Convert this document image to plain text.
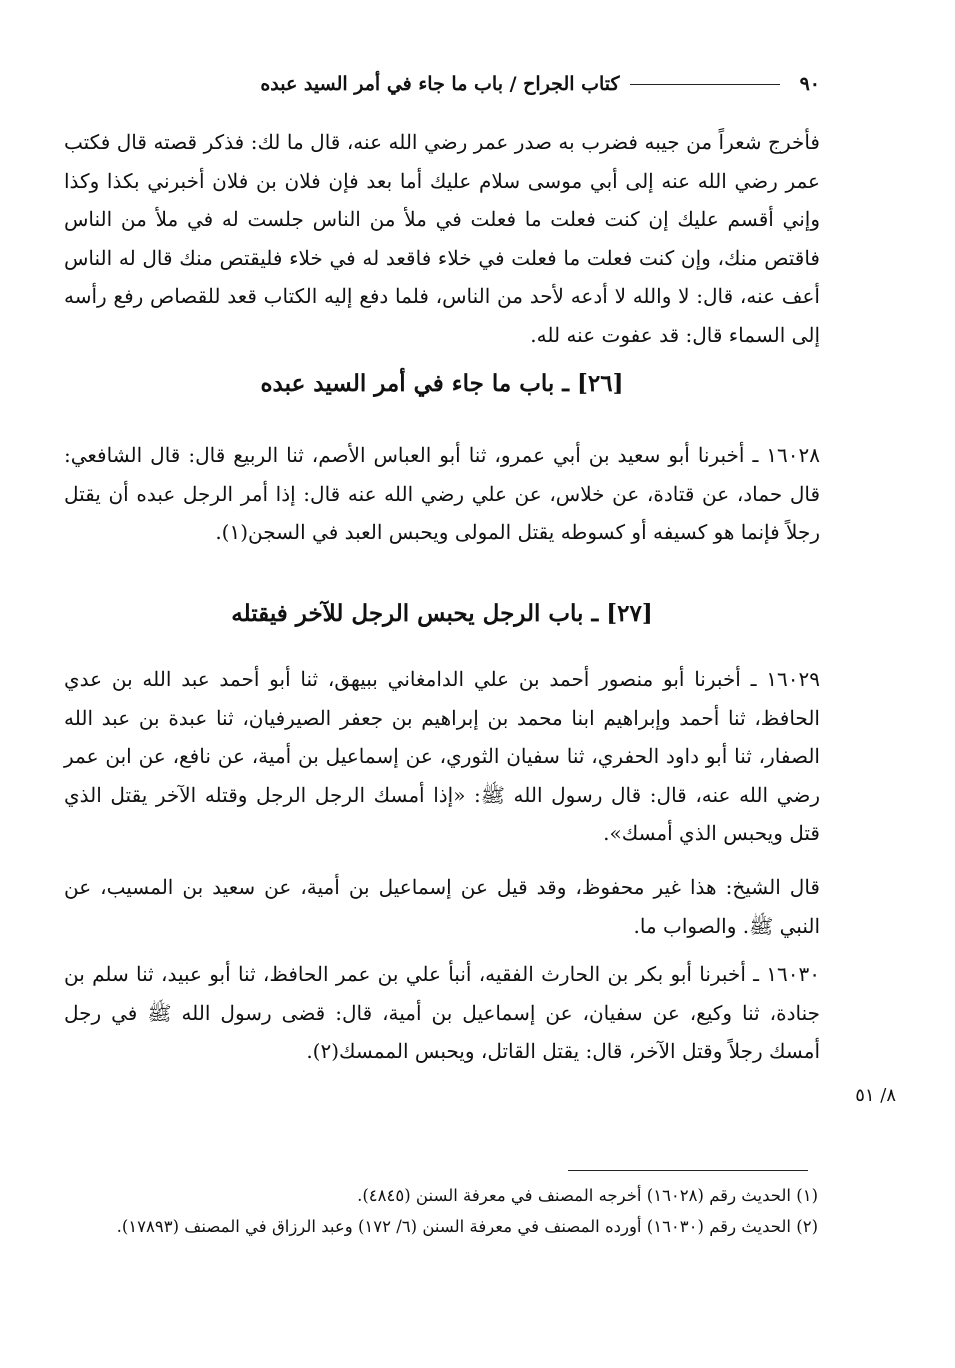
٩٠
كتاب الجراح / باب ما جاء في أمر السيد عبده
فأخرج شعراً من جيبه فضرب به صدر عمر رضي الله عنه، قال ما لك: فذكر قصته قال فكتب عمر رضي الله عنه إلى أبي موسى سلام عليك أما بعد فإن فلان بن فلان أخبرني بكذا وكذا وإني أقسم عليك إن كنت فعلت ما فعلت في ملأ من الناس جلست له في ملأ من الناس فاقتص منك، وإن كنت فعلت ما فعلت في خلاء فاقعد له في خلاء فليقتص منك قال له الناس أعف عنه، قال: لا والله لا أدعه لأحد من الناس، فلما دفع إليه الكتاب قعد للقصاص رفع رأسه إلى السماء قال: قد عفوت عنه لله.
[٢٦] ـ باب ما جاء في أمر السيد عبده
١٦٠٢٨ ـ أخبرنا أبو سعيد بن أبي عمرو، ثنا أبو العباس الأصم، ثنا الربيع قال: قال الشافعي: قال حماد، عن قتادة، عن خلاس، عن علي رضي الله عنه قال: إذا أمر الرجل عبده أن يقتل رجلاً فإنما هو كسيفه أو كسوطه يقتل المولى ويحبس العبد في السجن(١).
[٢٧] ـ باب الرجل يحبس الرجل للآخر فيقتله
١٦٠٢٩ ـ أخبرنا أبو منصور أحمد بن علي الدامغاني ببيهق، ثنا أبو أحمد عبد الله بن عدي الحافظ، ثنا أحمد وإبراهيم ابنا محمد بن إبراهيم بن جعفر الصيرفيان، ثنا عبدة بن عبد الله الصفار، ثنا أبو داود الحفري، ثنا سفيان الثوري، عن إسماعيل بن أمية، عن نافع، عن ابن عمر رضي الله عنه، قال: قال رسول الله ﷺ: «إذا أمسك الرجل الرجل وقتله الآخر يقتل الذي قتل ويحبس الذي أمسك».
قال الشيخ: هذا غير محفوظ، وقد قيل عن إسماعيل بن أمية، عن سعيد بن المسيب، عن النبي ﷺ. والصواب ما.
١٦٠٣٠ ـ أخبرنا أبو بكر بن الحارث الفقيه، أنبأ علي بن عمر الحافظ، ثنا أبو عبيد، ثنا سلم بن جنادة، ثنا وكيع، عن سفيان، عن إسماعيل بن أمية، قال: قضى رسول الله ﷺ في رجل أمسك رجلاً وقتل الآخر، قال: يقتل القاتل، ويحبس الممسك(٢).
٨/ ٥١

(١) الحديث رقم (١٦٠٢٨) أخرجه المصنف في معرفة السنن (٤٨٤٥).

(٢) الحديث رقم (١٦٠٣٠) أورده المصنف في معرفة السنن (٦/ ١٧٢) وعبد الرزاق في المصنف (١٧٨٩٣).
